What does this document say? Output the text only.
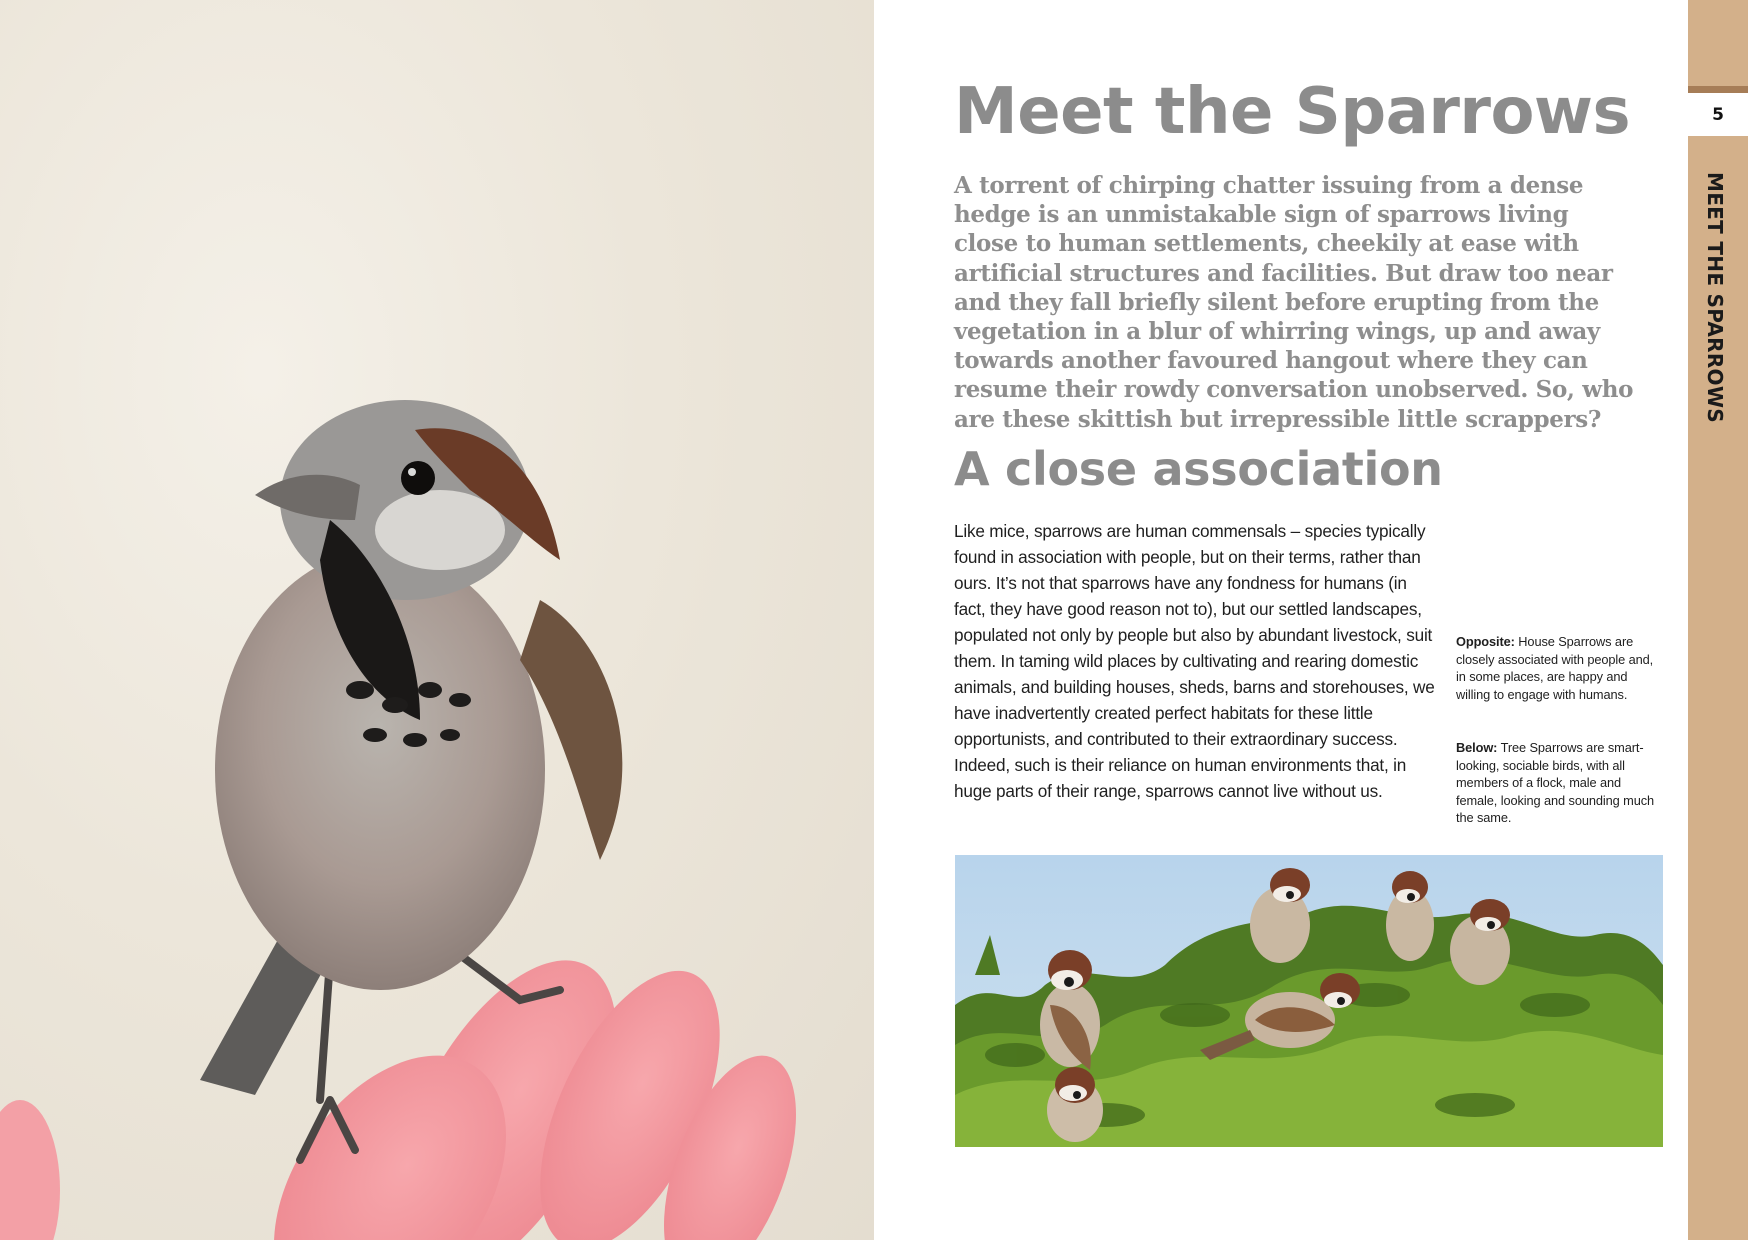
Meet the Sparrows

A torrent of chirping chatter issuing from a dense hedge is an unmistakable sign of sparrows living close to human settlements, cheekily at ease with artificial structures and facilities. But draw too near and they fall briefly silent before erupting from the vegetation in a blur of whirring wings, up and away towards another favoured hangout where they can resume their rowdy conversation unobserved. So, who are these skittish but irrepressible little scrappers?

A close association

Like mice, sparrows are human commensals – species typically found in association with people, but on their terms, rather than ours. It’s not that sparrows have any fondness for humans (in fact, they have good reason not to), but our settled landscapes, populated not only by people but also by abundant livestock, suit them. In taming wild places by cultivating and rearing domestic animals, and building houses, sheds, barns and storehouses, we have inadvertently created perfect habitats for these little opportunists, and contributed to their extraordinary success. Indeed, such is their reliance on human environments that, in huge parts of their range, sparrows cannot live without us.

Opposite: House Sparrows are closely associated with people and, in some places, are happy and willing to engage with humans.

Below: Tree Sparrows are smart-looking, sociable birds, with all members of a flock, male and female, looking and sounding much the same.

5
MEET THE SPARROWS
